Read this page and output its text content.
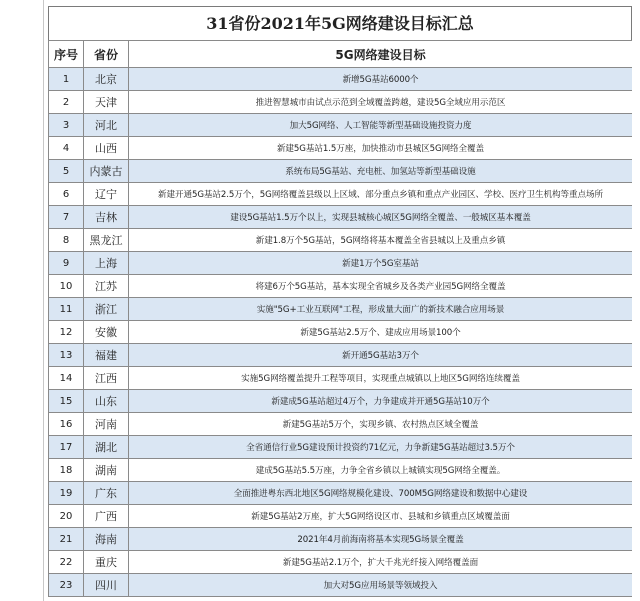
31省份2021年5G网络建设目标汇总
序号	省份	5G网络建设目标
1	北京	新增5G基站6000个
2	天津	推进智慧城市由试点示范到全域覆盖跨越，建设5G全域应用示范区
3	河北	加大5G网络、人工智能等新型基础设施投资力度
4	山西	新建5G基站1.5万座，加快推动市县城区5G网络全覆盖
5	内蒙古	系统布局5G基站、充电桩、加氢站等新型基础设施
6	辽宁	新建开通5G基站2.5万个，5G网络覆盖县级以上区域、部分重点乡镇和重点产业园区、学校、医疗卫生机构等重点场所
7	吉林	建设5G基站1.5万个以上，实现县城核心城区5G网络全覆盖、一般城区基本覆盖
8	黑龙江	新建1.8万个5G基站，5G网络将基本覆盖全省县城以上及重点乡镇
9	上海	新建1万个5G室基站
10	江苏	将建6万个5G基站，基本实现全省城乡及各类产业园5G网络全覆盖
11	浙江	实施"5G+工业互联网"工程，形成量大面广的新技术融合应用场景
12	安徽	新建5G基站2.5万个、建成应用场景100个
13	福建	新开通5G基站3万个
14	江西	实施5G网络覆盖提升工程等项目，实现重点城镇以上地区5G网络连续覆盖
15	山东	新建成5G基站超过4万个，力争建成并开通5G基站10万个
16	河南	新建5G基站5万个，实现乡镇、农村热点区域全覆盖
17	湖北	全省通信行业5G建设预计投资约71亿元，力争新建5G基站超过3.5万个
18	湖南	建成5G基站5.5万座，力争全省乡镇以上城镇实现5G网络全覆盖。
19	广东	全面推进粤东西北地区5G网络规模化建设、700M5G网络建设和数据中心建设
20	广西	新建5G基站2万座，扩大5G网络设区市、县城和乡镇重点区域覆盖面
21	海南	2021年4月前海南将基本实现5G场景全覆盖
22	重庆	新建5G基站2.1万个，扩大千兆光纤接入网络覆盖面
23	四川	加大对5G应用场景等领域投入
